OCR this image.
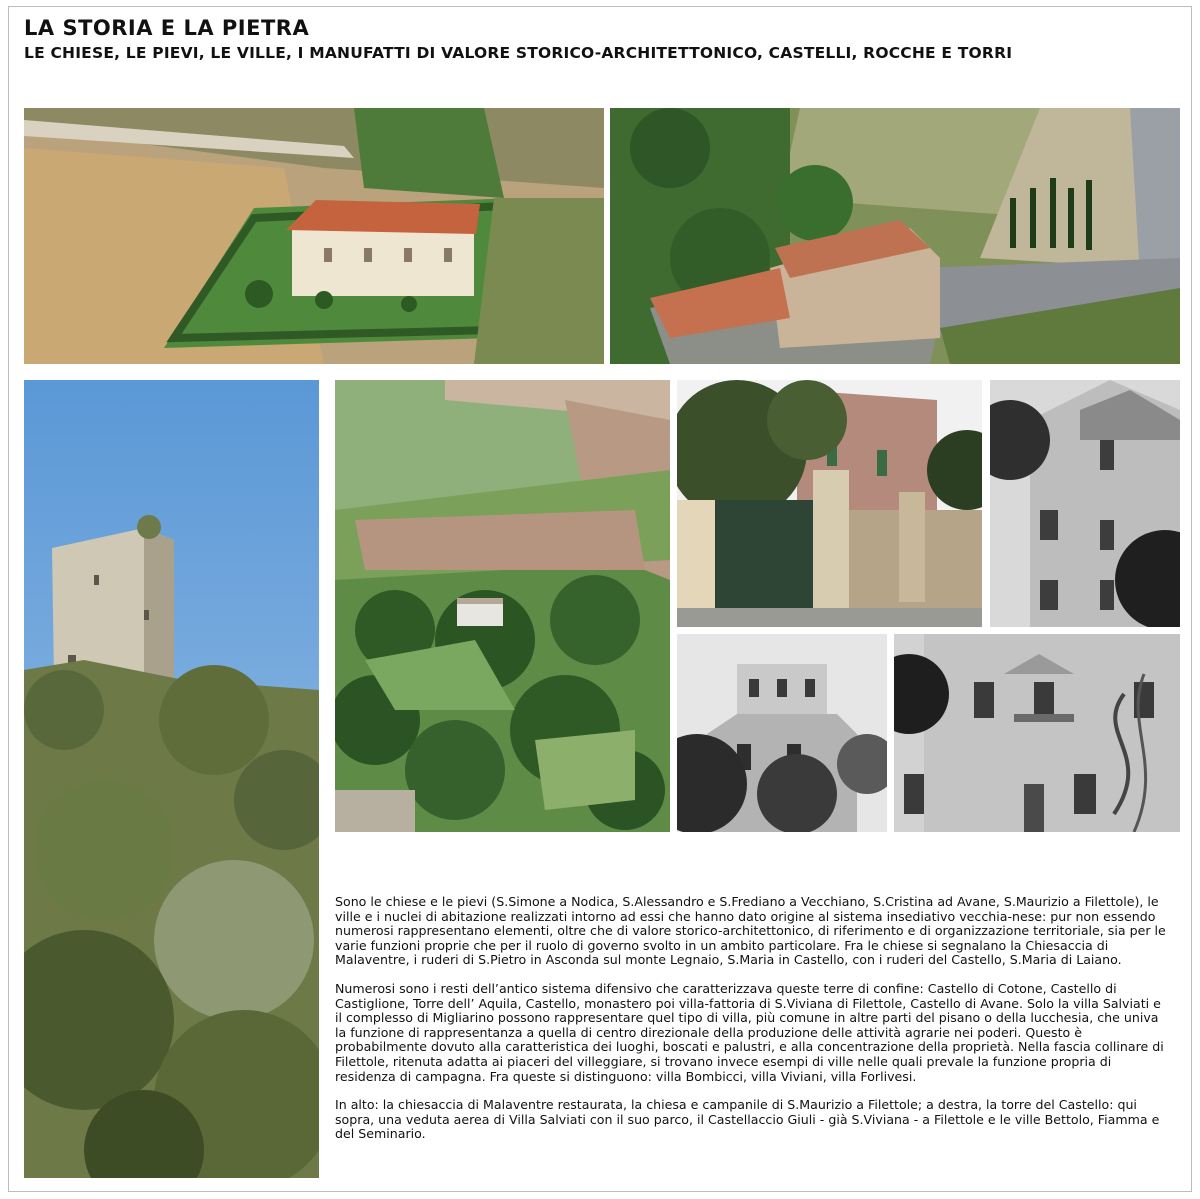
LA STORIA E LA PIETRA
LE CHIESE, LE PIEVI, LE VILLE, I MANUFATTI DI VALORE STORICO-ARCHITETTONICO, CASTELLI, ROCCHE E TORRI

Sono le chiese e le pievi (S.Simone a Nodica, S.Alessandro e S.Frediano a Vecchiano, S.Cristina ad Avane, S.Maurizio a Filettole), le ville e i nuclei di abitazione realizzati intorno ad essi che hanno dato origine al sistema insediativo vecchia-nese: pur non essendo numerosi rappresentano elementi, oltre che di valore storico-architettonico, di riferimento e di organizzazione territoriale, sia per le varie funzioni proprie che per il ruolo di governo svolto in un ambito particolare. Fra le chiese si segnalano la Chiesaccia di Malaventre, i ruderi di S.Pietro in Asconda sul monte Legnaio, S.Maria in Castello, con i ruderi del Castello, S.Maria di Laiano.

Numerosi sono i resti dell’antico sistema difensivo che caratterizzava queste terre di confine: Castello di Cotone, Castello di Castiglione, Torre dell’ Aquila, Castello, monastero poi villa-fattoria di S.Viviana di Filettole, Castello di Avane. Solo la villa Salviati e il complesso di Migliarino possono rappresentare quel tipo di villa, più comune in altre parti del pisano o della lucchesia, che univa la funzione di rappresentanza a quella di centro direzionale della produzione delle attività agrarie nei poderi. Questo è probabilmente dovuto alla caratteristica dei luoghi, boscati e palustri, e alla concentrazione della proprietà. Nella fascia collinare di Filettole, ritenuta adatta ai piaceri del villeggiare, si trovano invece esempi di ville nelle quali prevale la funzione propria di residenza di campagna. Fra queste si distinguono: villa Bombicci, villa Viviani, villa Forlivesi.

In alto: la chiesaccia di Malaventre restaurata, la chiesa e campanile di S.Maurizio a Filettole; a destra, la torre del Castello: qui sopra, una veduta aerea di Villa Salviati con il suo parco, il Castellaccio Giuli - già S.Viviana - a Filettole e le ville Bettolo, Fiamma e del Seminario.
